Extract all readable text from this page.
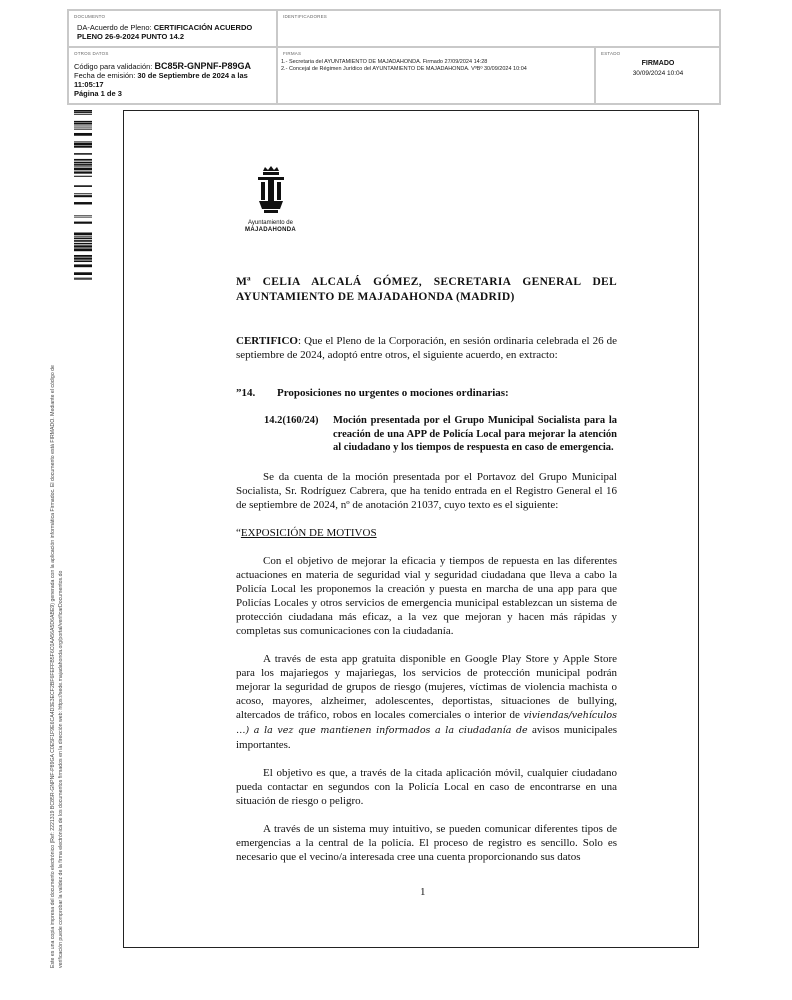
DOCUMENTO
DA-Acuerdo de Pleno: CERTIFICACIÓN ACUERDO
PLENO 26-9-2024 PUNTO 14.2
IDENTIFICADORES
OTROS DATOS
Código para validación: BC85R-GNPNF-P89GA
Fecha de emisión: 30 de Septiembre de 2024 a las 11:05:17
Página 1 de 3
FIRMAS
1.- Secretaria del AYUNTAMIENTO DE MAJADAHONDA. Firmado 27/09/2024 14:28
2.- Concejal de Régimen Jurídico del AYUNTAMIENTO DE MAJADAHONDA. VºBº 30/09/2024 10:04
ESTADO
FIRMADO
30/09/2024 10:04
Este es una copia impresa del documento electrónico (Ref: 2221319 BC85R-GNPNF-P89GA C0E5F1F9E6CA4D3E3ECF2BF6FEFFB5F6C0AA56A5D6ABE9) generada con la aplicación informática Firmadoc. El documento está FIRMADO. Mediante el código de verificación puede comprobar la validez de la firma electrónica de los documentos firmados en la dirección web: https://sede.majadahonda.org/portal/verificarDocumentos.do
Ayuntamiento de
MAJADAHONDA

Mª CELIA ALCALÁ GÓMEZ, SECRETARIA GENERAL DEL AYUNTAMIENTO DE MAJADAHONDA (MADRID)

CERTIFICO: Que el Pleno de la Corporación, en sesión ordinaria celebrada el 26 de septiembre de 2024, adoptó entre otros, el siguiente acuerdo, en extracto:

”14.	Proposiciones no urgentes o mociones ordinarias:
14.2(160/24)	Moción presentada por el Grupo Municipal Socialista para la creación de una APP de Policía Local para mejorar la atención al ciudadano y los tiempos de respuesta en caso de emergencia.

Se da cuenta de la moción presentada por el Portavoz del Grupo Municipal Socialista, Sr. Rodríguez Cabrera, que ha tenido entrada en el Registro General el 16 de septiembre de 2024, nº de anotación 21037, cuyo texto es el siguiente:

“EXPOSICIÓN DE MOTIVOS

Con el objetivo de mejorar la eficacia y tiempos de repuesta en las diferentes actuaciones en materia de seguridad vial y seguridad ciudadana que lleva a cabo la Policía Local les proponemos la creación y puesta en marcha de una app para que Policías Locales y otros servicios de emergencia municipal establezcan un sistema de protección ciudadana más eficaz, a la vez que mejoran y hacen más rápidas y completas sus comunicaciones con la ciudadanía.

A través de esta app gratuita disponible en Google Play Store y Apple Store para los majariegos y majariegas, los servicios de protección municipal podrán mejorar la seguridad de grupos de riesgo (mujeres, víctimas de violencia machista o acoso, mayores, alzheimer, adolescentes, deportistas, situaciones de bullying, altercados de tráfico, robos en locales comerciales o interior de viviendas/vehículos …) a la vez que mantienen informados a la ciudadanía de avisos municipales importantes.

El objetivo es que, a través de la citada aplicación móvil, cualquier ciudadano pueda contactar en segundos con la Policía Local en caso de encontrarse en una situación de riesgo o peligro.

A través de un sistema muy intuitivo, se pueden comunicar diferentes tipos de emergencias a la central de la policía. El proceso de registro es sencillo. Solo es necesario que el vecino/a interesada cree una cuenta proporcionando sus datos

1
